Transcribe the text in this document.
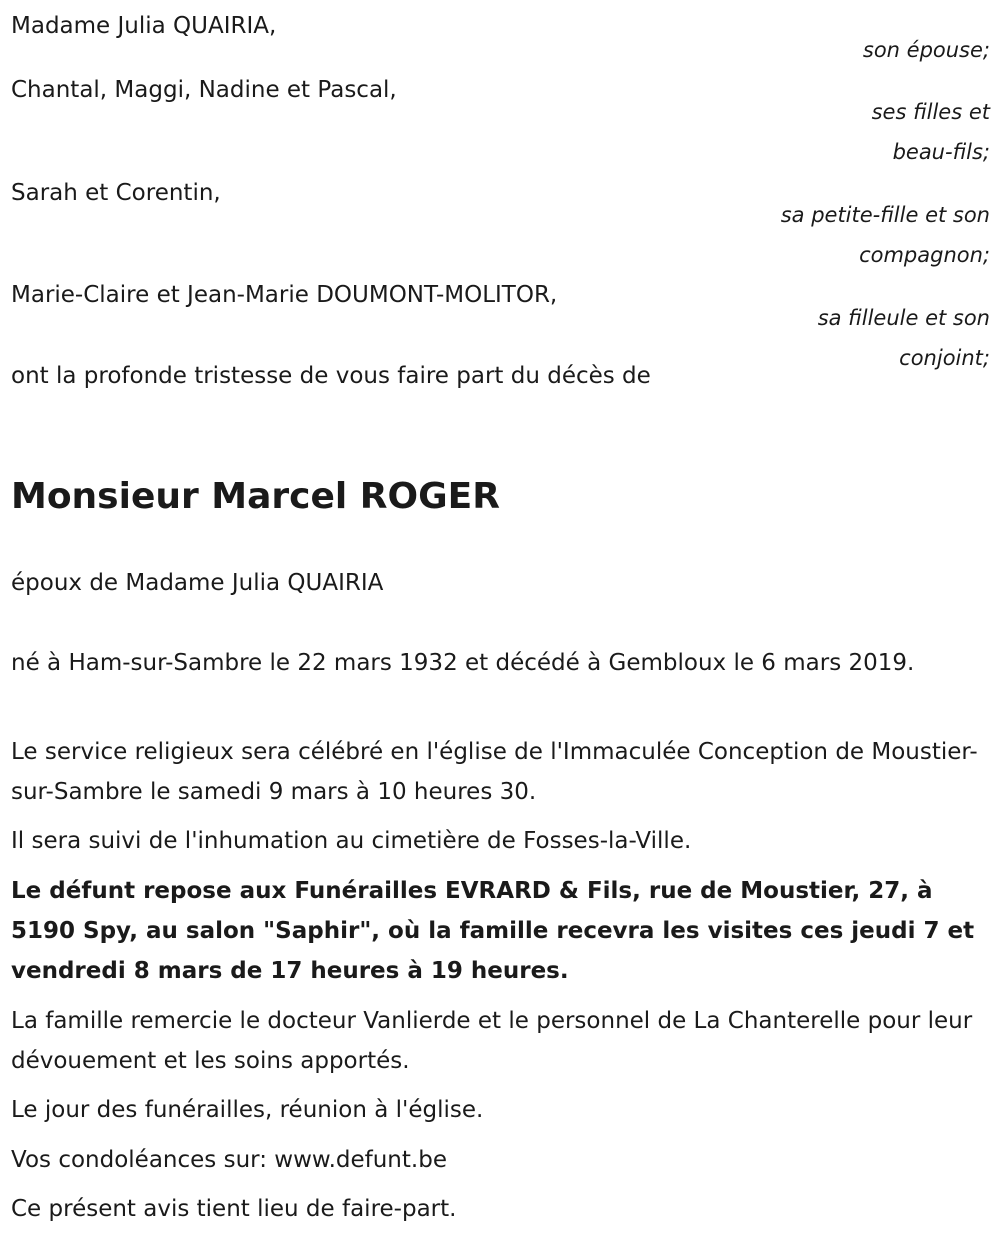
Madame Julia QUAIRIA,
son épouse;
Chantal, Maggi, Nadine et Pascal,
ses filles et
beau-fils;
Sarah et Corentin,
sa petite-fille et son
compagnon;
Marie-Claire et Jean-Marie DOUMONT-MOLITOR,
sa filleule et son
conjoint;
ont la profonde tristesse de vous faire part du décès de
Monsieur Marcel ROGER
époux de Madame Julia QUAIRIA
né à Ham-sur-Sambre le 22 mars 1932 et décédé à Gembloux le 6 mars 2019.
Le service religieux sera célébré en l'église de l'Immaculée Conception de Moustier-sur-Sambre le samedi 9 mars à 10 heures 30.
Il sera suivi de l'inhumation au cimetière de Fosses-la-Ville.
Le défunt repose aux Funérailles EVRARD & Fils, rue de Moustier, 27, à 5190 Spy, au salon "Saphir", où la famille recevra les visites ces jeudi 7 et vendredi 8 mars de 17 heures à 19 heures.
La famille remercie le docteur Vanlierde et le personnel de La Chanterelle pour leur dévouement et les soins apportés.
Le jour des funérailles, réunion à l'église.
Vos condoléances sur: www.defunt.be
Ce présent avis tient lieu de faire-part.
